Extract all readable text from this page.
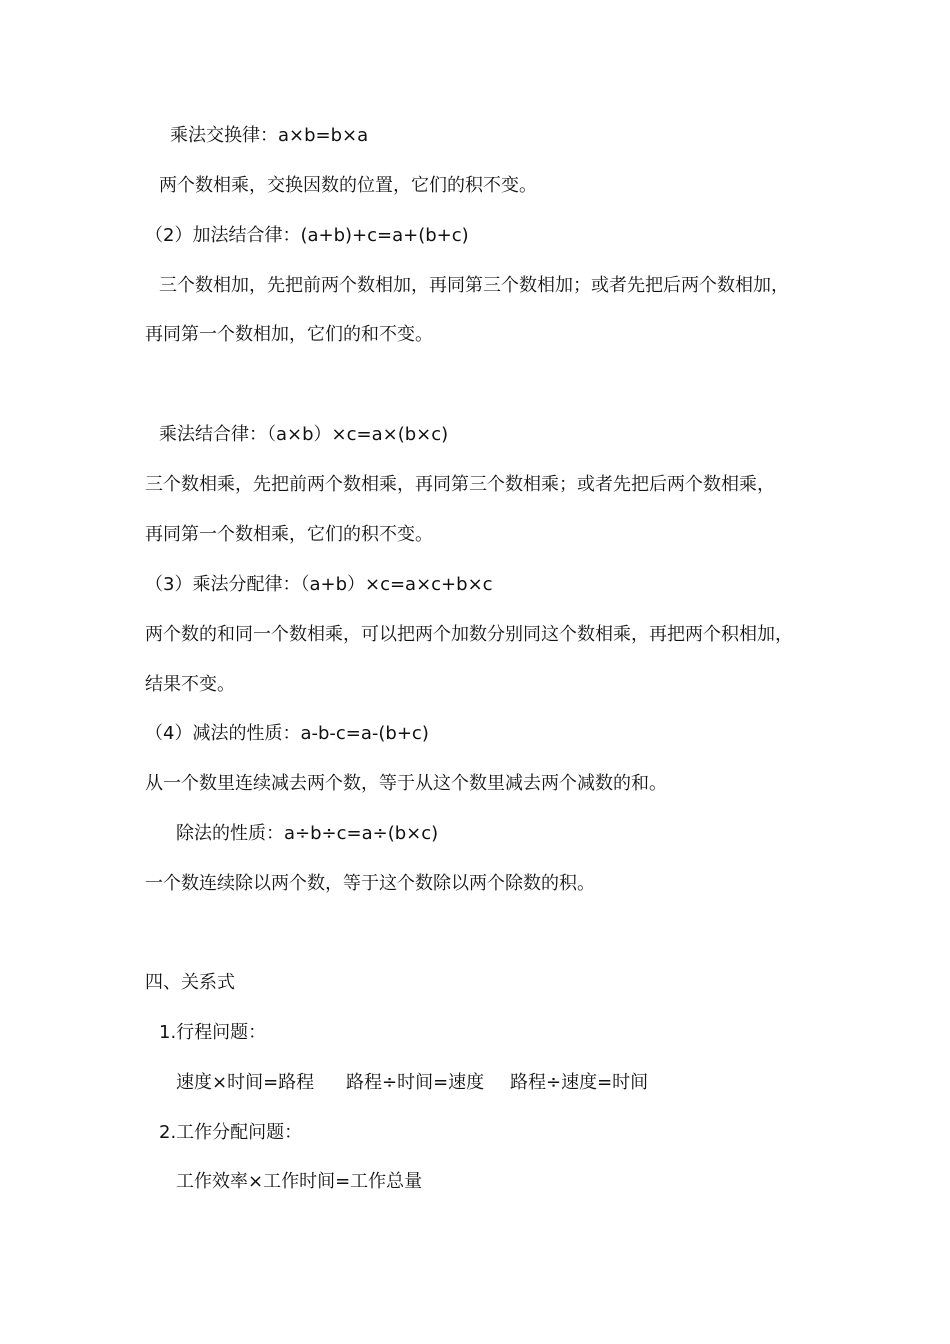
乘法交换律：a×b=b×a
两个数相乘，交换因数的位置，它们的积不变。
（2）加法结合律：(a+b)+c=a+(b+c)
三个数相加，先把前两个数相加，再同第三个数相加；或者先把后两个数相加，
再同第一个数相加，它们的和不变。
乘法结合律：（a×b）×c=a×(b×c)
三个数相乘，先把前两个数相乘，再同第三个数相乘；或者先把后两个数相乘，
再同第一个数相乘，它们的积不变。
（3）乘法分配律：（a+b）×c=a×c+b×c
两个数的和同一个数相乘，可以把两个加数分别同这个数相乘，再把两个积相加，
结果不变。
（4）减法的性质：a-b-c=a-(b+c)
从一个数里连续减去两个数，等于从这个数里减去两个减数的和。
除法的性质：a÷b÷c=a÷(b×c)
一个数连续除以两个数，等于这个数除以两个除数的积。
四、关系式
1.行程问题：
速度×时间=路程 路程÷时间=速度 路程÷速度=时间
2.工作分配问题：
工作效率×工作时间=工作总量
